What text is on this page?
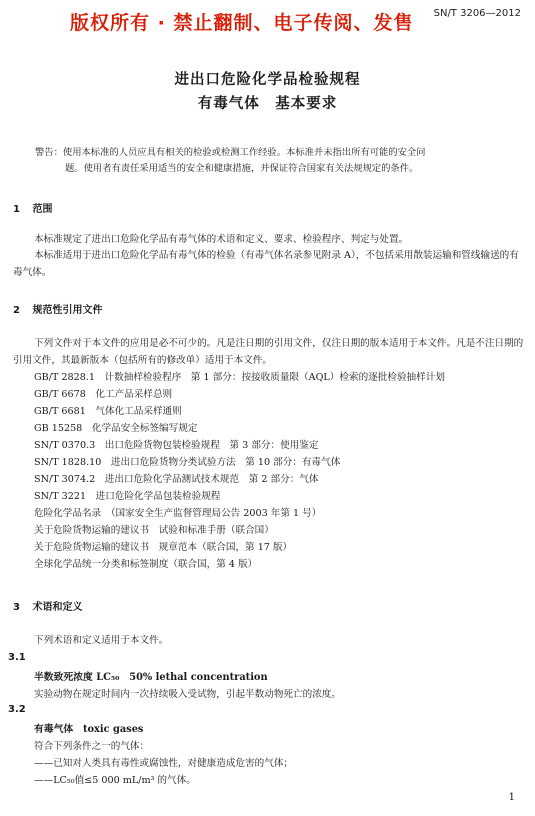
版权所有 · 禁止翻制、电子传阅、发售 SN/T 3206—2012
进出口危险化学品检验规程
有毒气体　基本要求
警告：使用本标准的人员应具有相关的检验或检测工作经验。本标准并未指出所有可能的安全问
题。使用者有责任采用适当的安全和健康措施，并保证符合国家有关法规规定的条件。
1 范围
本标准规定了进出口危险化学品有毒气体的术语和定义、要求、检验程序、判定与处置。
本标准适用于进出口危险化学品有毒气体的检验（有毒气体名录参见附录 A），不包括采用散装运输和管线输送的有毒气体。
2 规范性引用文件
下列文件对于本文件的应用是必不可少的。凡是注日期的引用文件，仅注日期的版本适用于本文件。凡是不注日期的引用文件，其最新版本（包括所有的修改单）适用于本文件。
GB/T 2828.1　计数抽样检验程序　第 1 部分：按接收质量限（AQL）检索的逐批检验抽样计划
GB/T 6678　化工产品采样总则
GB/T 6681　气体化工品采样通则
GB 15258　化学品安全标签编写规定
SN/T 0370.3　出口危险货物包装检验规程　第 3 部分：使用鉴定
SN/T 1828.10　进出口危险货物分类试验方法　第 10 部分：有毒气体
SN/T 3074.2　进出口危险化学品测试技术规范　第 2 部分：气体
SN/T 3221　进口危险化学品包装检验规程
危险化学品名录　（国家安全生产监督管理局公告 2003 年第 1 号）
关于危险货物运输的建议书　试验和标准手册（联合国）
关于危险货物运输的建议书　规章范本（联合国，第 17 版）
全球化学品统一分类和标签制度（联合国，第 4 版）
3 术语和定义
下列术语和定义适用于本文件。
3.1
半数致死浓度 LC₅₀　50% lethal concentration
实验动物在规定时间内一次持续吸入受试物，引起半数动物死亡的浓度。
3.2
有毒气体　toxic gases
符合下列条件之一的气体：
——已知对人类具有毒性或腐蚀性，对健康造成危害的气体；
——LC₅₀值≤5 000 mL/m³ 的气体。
1
